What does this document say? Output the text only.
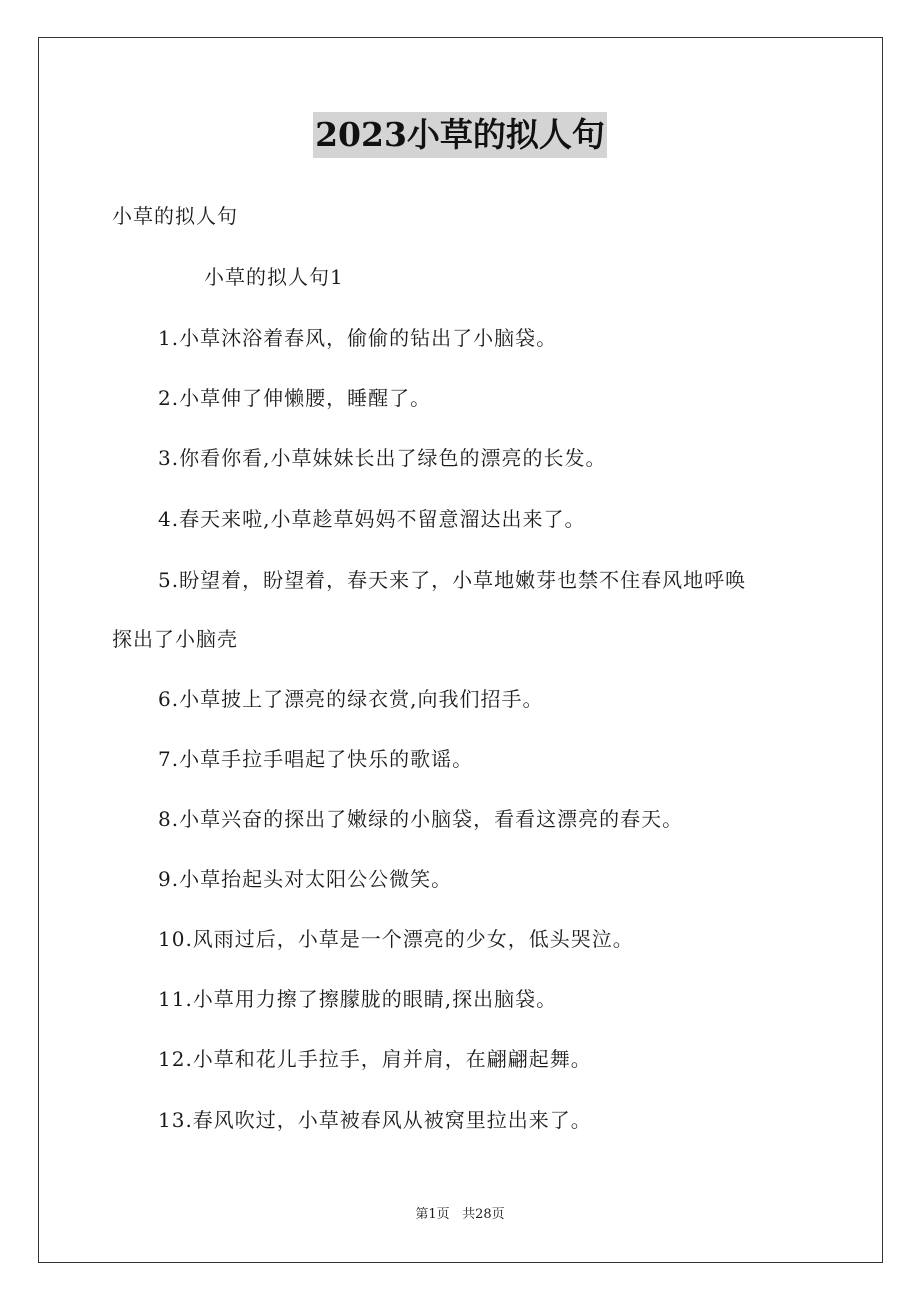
2023小草的拟人句
小草的拟人句
小草的拟人句1
1.小草沐浴着春风，偷偷的钻出了小脑袋。
2.小草伸了伸懒腰，睡醒了。
3.你看你看,小草妹妹长出了绿色的漂亮的长发。
4.春天来啦,小草趁草妈妈不留意溜达出来了。
5.盼望着，盼望着，春天来了，小草地嫩芽也禁不住春风地呼唤
探出了小脑壳
6.小草披上了漂亮的绿衣赏,向我们招手。
7.小草手拉手唱起了快乐的歌谣。
8.小草兴奋的探出了嫩绿的小脑袋，看看这漂亮的春天。
9.小草抬起头对太阳公公微笑。
10.风雨过后，小草是一个漂亮的少女，低头哭泣。
11.小草用力擦了擦朦胧的眼睛,探出脑袋。
12.小草和花儿手拉手，肩并肩，在翩翩起舞。
13.春风吹过，小草被春风从被窝里拉出来了。
第1页 共28页
